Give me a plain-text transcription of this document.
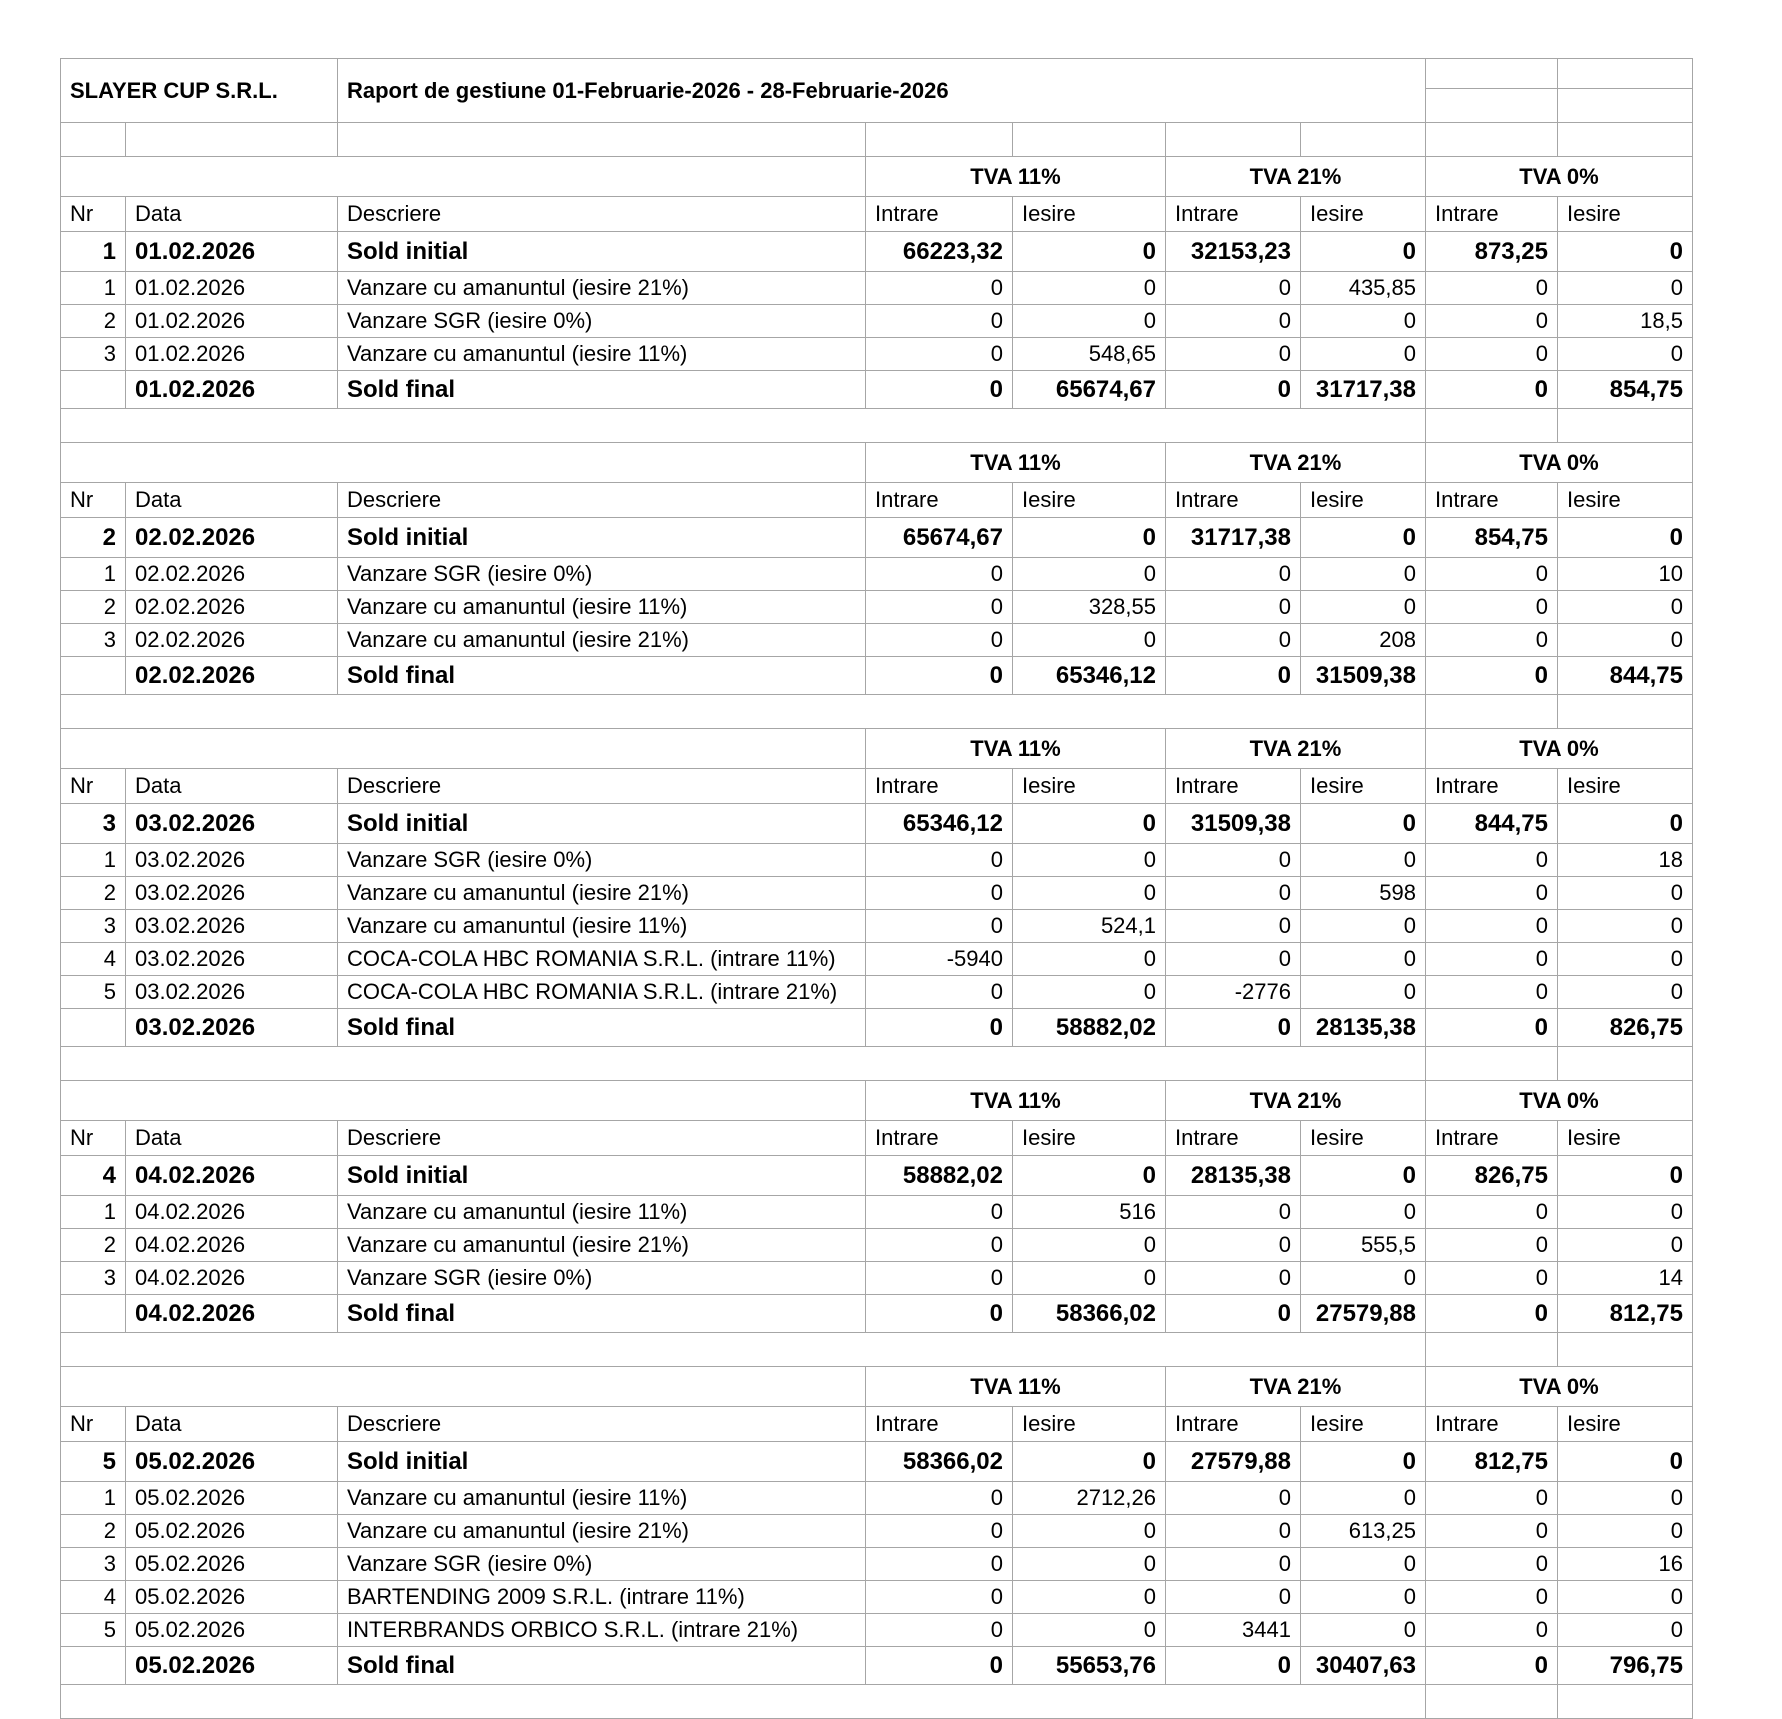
SLAYER CUP S.R.L.		Raport de gestiune 01-Februarie-2026 - 28-Februarie-2026						

			TVA 11%		TVA 21%		TVA 0%	
Nr	Data	Descriere	Intrare	Iesire	Intrare	Iesire	Intrare	Iesire
1	01.02.2026	Sold initial	66223,32	0	32153,23	0	873,25	0
1	01.02.2026	Vanzare cu amanuntul (iesire 21%)	0	0	0	435,85	0	0
2	01.02.2026	Vanzare SGR (iesire 0%)	0	0	0	0	0	18,5
3	01.02.2026	Vanzare cu amanuntul (iesire 11%)	0	548,65	0	0	0	0
	01.02.2026	Sold final	0	65674,67	0	31717,38	0	854,75

			TVA 11%		TVA 21%		TVA 0%	
Nr	Data	Descriere	Intrare	Iesire	Intrare	Iesire	Intrare	Iesire
2	02.02.2026	Sold initial	65674,67	0	31717,38	0	854,75	0
1	02.02.2026	Vanzare SGR (iesire 0%)	0	0	0	0	0	10
2	02.02.2026	Vanzare cu amanuntul (iesire 11%)	0	328,55	0	0	0	0
3	02.02.2026	Vanzare cu amanuntul (iesire 21%)	0	0	0	208	0	0
	02.02.2026	Sold final	0	65346,12	0	31509,38	0	844,75

			TVA 11%		TVA 21%		TVA 0%	
Nr	Data	Descriere	Intrare	Iesire	Intrare	Iesire	Intrare	Iesire
3	03.02.2026	Sold initial	65346,12	0	31509,38	0	844,75	0
1	03.02.2026	Vanzare SGR (iesire 0%)	0	0	0	0	0	18
2	03.02.2026	Vanzare cu amanuntul (iesire 21%)	0	0	0	598	0	0
3	03.02.2026	Vanzare cu amanuntul (iesire 11%)	0	524,1	0	0	0	0
4	03.02.2026	COCA-COLA HBC ROMANIA S.R.L. (intrare 11%)	-5940	0	0	0	0	0
5	03.02.2026	COCA-COLA HBC ROMANIA S.R.L. (intrare 21%)	0	0	-2776	0	0	0
	03.02.2026	Sold final	0	58882,02	0	28135,38	0	826,75

			TVA 11%		TVA 21%		TVA 0%	
Nr	Data	Descriere	Intrare	Iesire	Intrare	Iesire	Intrare	Iesire
4	04.02.2026	Sold initial	58882,02	0	28135,38	0	826,75	0
1	04.02.2026	Vanzare cu amanuntul (iesire 11%)	0	516	0	0	0	0
2	04.02.2026	Vanzare cu amanuntul (iesire 21%)	0	0	0	555,5	0	0
3	04.02.2026	Vanzare SGR (iesire 0%)	0	0	0	0	0	14
	04.02.2026	Sold final	0	58366,02	0	27579,88	0	812,75

			TVA 11%		TVA 21%		TVA 0%	
Nr	Data	Descriere	Intrare	Iesire	Intrare	Iesire	Intrare	Iesire
5	05.02.2026	Sold initial	58366,02	0	27579,88	0	812,75	0
1	05.02.2026	Vanzare cu amanuntul (iesire 11%)	0	2712,26	0	0	0	0
2	05.02.2026	Vanzare cu amanuntul (iesire 21%)	0	0	0	613,25	0	0
3	05.02.2026	Vanzare SGR (iesire 0%)	0	0	0	0	0	16
4	05.02.2026	BARTENDING 2009 S.R.L. (intrare 11%)	0	0	0	0	0	0
5	05.02.2026	INTERBRANDS ORBICO S.R.L. (intrare 21%)	0	0	3441	0	0	0
	05.02.2026	Sold final	0	55653,76	0	30407,63	0	796,75
